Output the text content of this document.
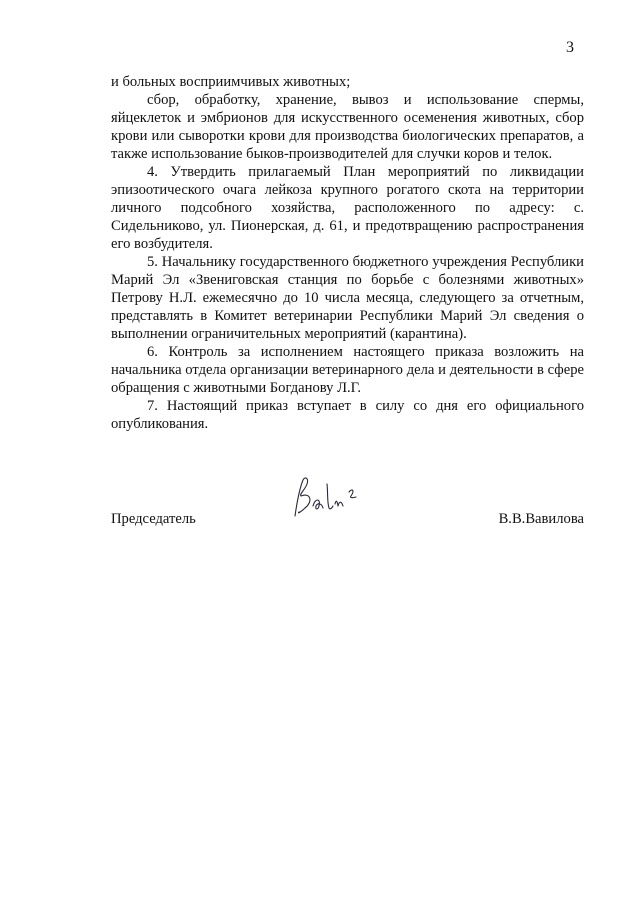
3

и больных восприимчивых животных;

сбор, обработку, хранение, вывоз и использование спермы, яйцеклеток и эмбрионов для искусственного осеменения животных, сбор крови или сыворотки крови для производства биологических препаратов, а также использование быков-производителей для случки коров и телок.

4. Утвердить прилагаемый План мероприятий по ликвидации эпизоотического очага лейкоза крупного рогатого скота на территории личного подсобного хозяйства, расположенного по адресу: с. Сидельниково, ул. Пионерская, д. 61, и предотвращению распространения его возбудителя.

5. Начальнику государственного бюджетного учреждения Республики Марий Эл «Звениговская станция по борьбе с болезнями животных» Петрову Н.Л. ежемесячно до 10 числа месяца, следующего за отчетным, представлять в Комитет ветеринарии Республики Марий Эл сведения о выполнении ограничительных мероприятий (карантина).

6. Контроль за исполнением настоящего приказа возложить на начальника отдела организации ветеринарного дела и деятельности в сфере обращения с животными Богданову Л.Г.

7. Настоящий приказ вступает в силу со дня его официального опубликования.

Председатель	В.В.Вавилова
